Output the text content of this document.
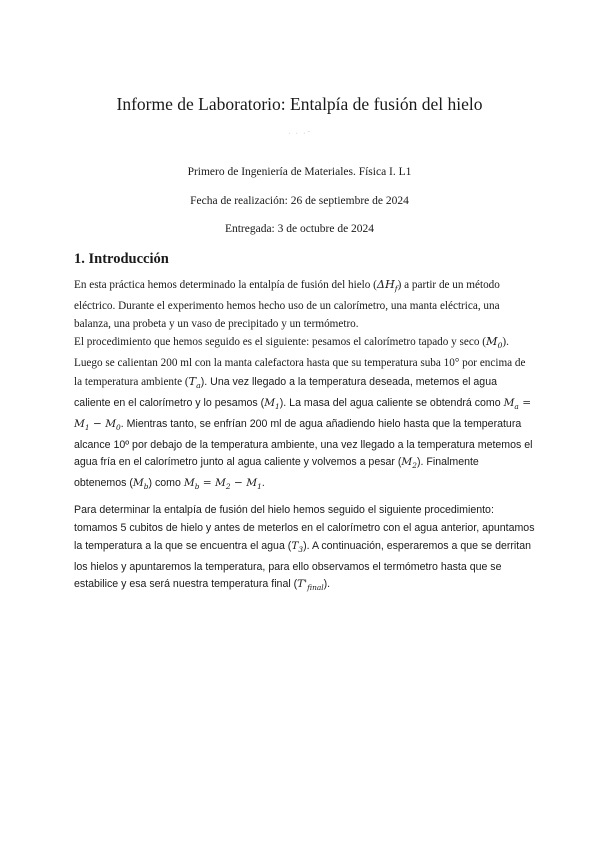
Informe de Laboratorio: Entalpía de fusión del hielo
· · · ̄
Primero de Ingeniería de Materiales. Física I. L1
Fecha de realización: 26 de septiembre de 2024
Entregada: 3 de octubre de 2024
1. Introducción
En esta práctica hemos determinado la entalpía de fusión del hielo $(\Delta H_f)$ a partir de un método eléctrico. Durante el experimento hemos hecho uso de un calorímetro, una manta eléctrica, una balanza, una probeta y un vaso de precipitado y un termómetro.
El procedimiento que hemos seguido es el siguiente: pesamos el calorímetro tapado y seco $(M_0)$. Luego se calientan 200 ml con la manta calefactora hasta que su temperatura suba 10° por encima de la temperatura ambiente $(T_a)$. Una vez llegado a la temperatura deseada, metemos el agua caliente en el calorímetro y lo pesamos $(M_1)$. La masa del agua caliente se obtendrá como $M_a = M_1 - M_0$. Mientras tanto, se enfrían 200 ml de agua añadiendo hielo hasta que la temperatura alcance 10º por debajo de la temperatura ambiente, una vez llegado a la temperatura metemos el agua fría en el calorímetro junto al agua caliente y volvemos a pesar $(M_2)$. Finalmente obtenemos $(M_b)$ como $M_b = M_2 - M_1$.
Para determinar la entalpía de fusión del hielo hemos seguido el siguiente procedimiento: tomamos 5 cubitos de hielo y antes de meterlos en el calorímetro con el agua anterior, apuntamos la temperatura a la que se encuentra el agua $(T_3)$. A continuación, esperaremos a que se derritan los hielos y apuntaremos la temperatura, para ello observamos el termómetro hasta que se estabilice y esa será nuestra temperatura final $(T'_{final})$.
